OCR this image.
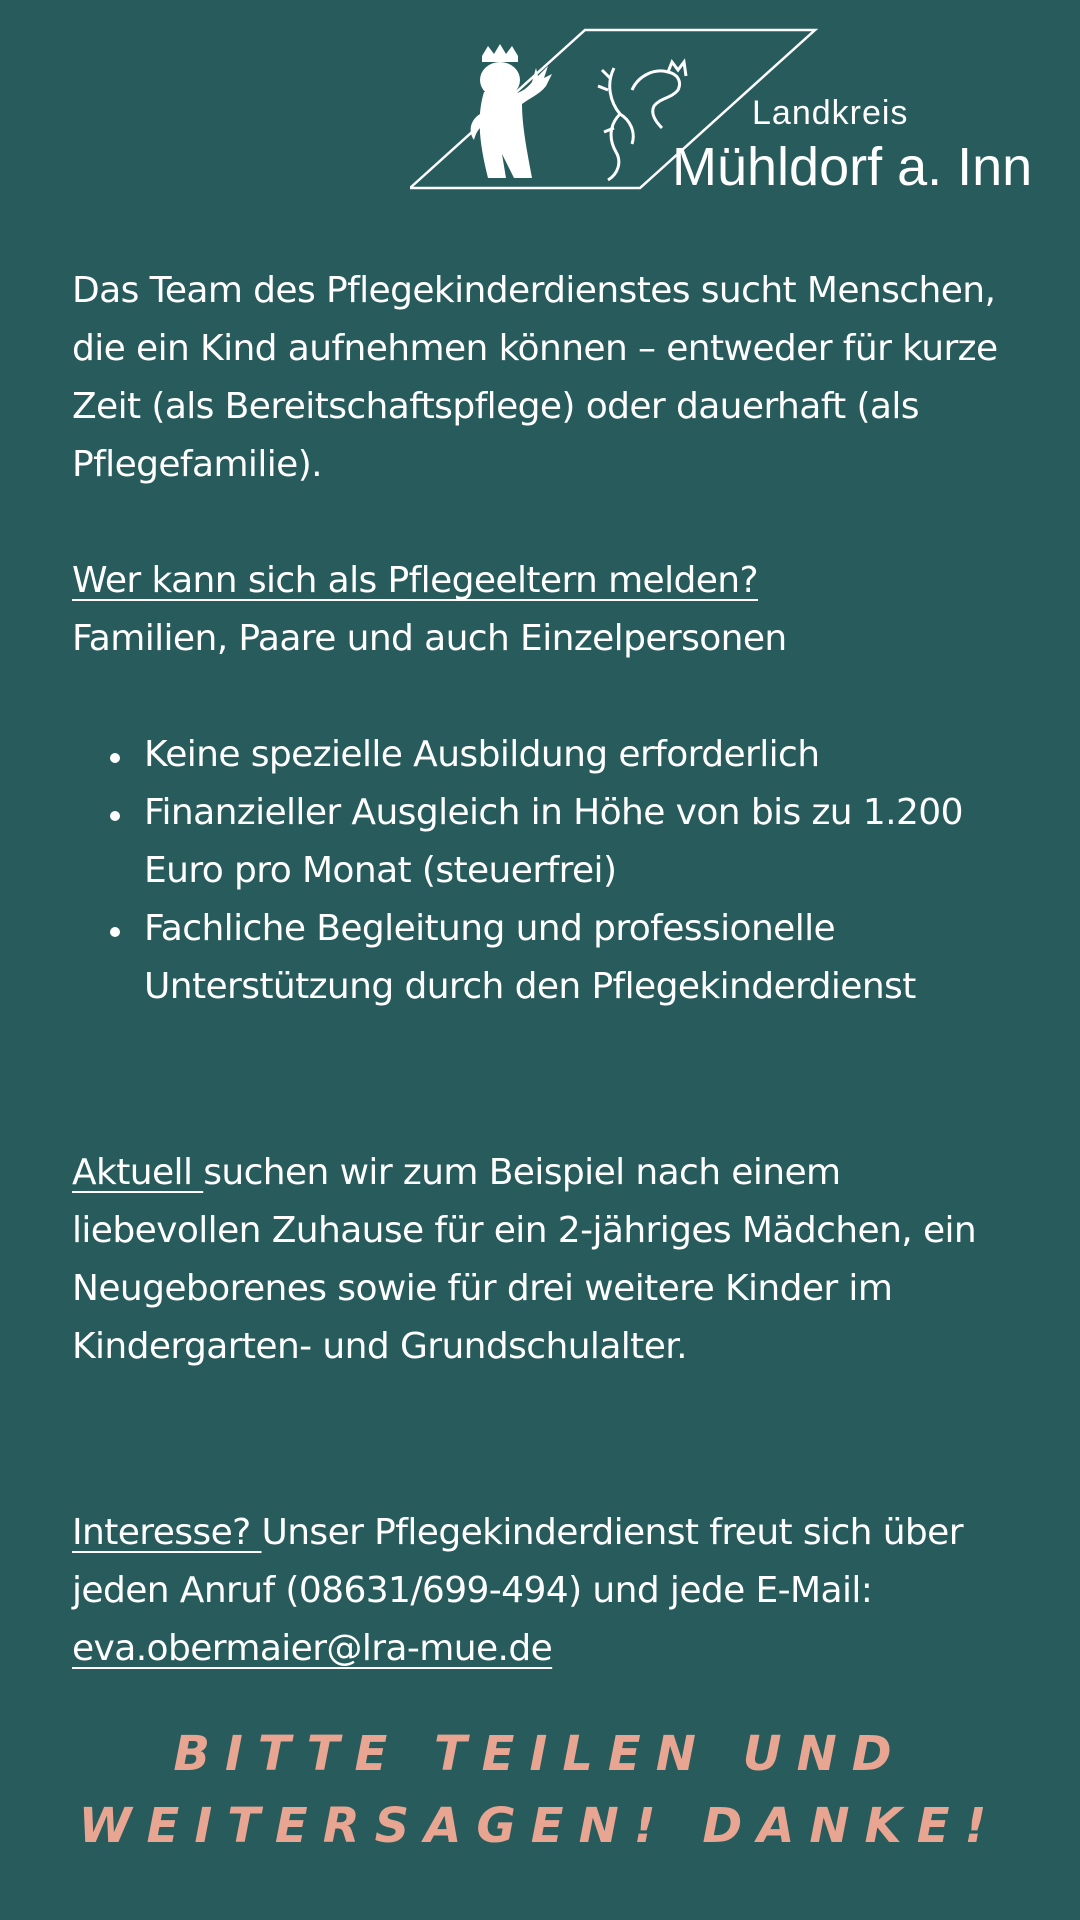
Landkreis
Mühldorf a. Inn

Das Team des Pflegekinderdienstes sucht Menschen, die ein Kind aufnehmen können – entweder für kurze Zeit (als Bereitschaftspflege) oder dauerhaft (als Pflegefamilie).

Wer kann sich als Pflegeeltern melden?

Familien, Paare und auch Einzelpersonen

Keine spezielle Ausbildung erforderlich
Finanzieller Ausgleich in Höhe von bis zu 1.200 Euro pro Monat (steuerfrei)
Fachliche Begleitung und professionelle Unterstützung durch den Pflegekinderdienst

Aktuell suchen wir zum Beispiel nach einem liebevollen Zuhause für ein 2-jähriges Mädchen, ein Neugeborenes sowie für drei weitere Kinder im Kindergarten- und Grundschulalter.

Interesse? Unser Pflegekinderdienst freut sich über jeden Anruf (08631/699-494) und jede E-Mail: eva.obermaier@lra-mue.de

BITTE TEILEN UND
WEITERSAGEN! DANKE!
